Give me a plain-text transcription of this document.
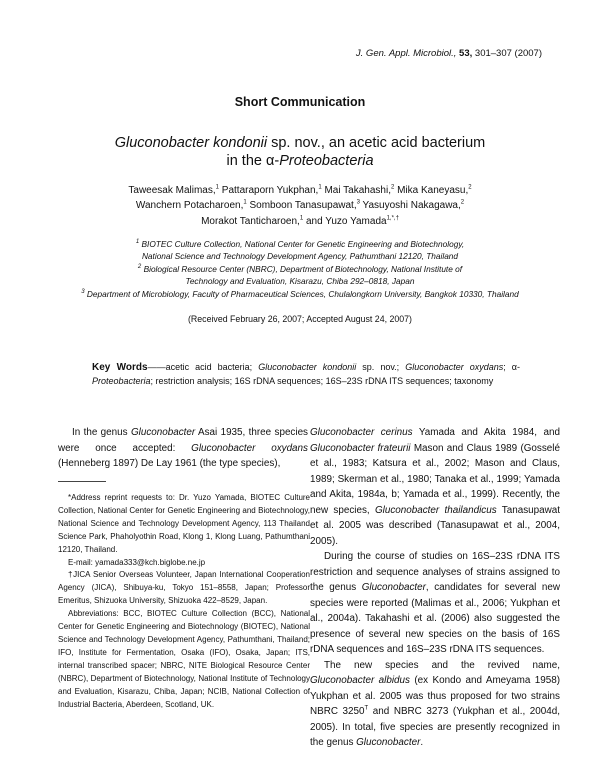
J. Gen. Appl. Microbiol., 53, 301–307 (2007)
Short Communication
Gluconobacter kondonii sp. nov., an acetic acid bacterium
in the α-Proteobacteria
Taweesak Malimas,$^1$ Pattaraporn Yukphan,$^1$ Mai Takahashi,$^2$ Mika Kaneyasu,$^2$
Wanchern Potacharoen,$^1$ Somboon Tanasupawat,$^3$ Yasuyoshi Nakagawa,$^2$
Morakot Tanticharoen,$^1$ and Yuzo Yamada$^{1,*,\dagger}$
$^1$ BIOTEC Culture Collection, National Center for Genetic Engineering and Biotechnology,
National Science and Technology Development Agency, Pathumthani 12120, Thailand
$^2$ Biological Resource Center (NBRC), Department of Biotechnology, National Institute of
Technology and Evaluation, Kisarazu, Chiba 292–0818, Japan
$^3$ Department of Microbiology, Faculty of Pharmaceutical Sciences, Chulalongkorn University, Bangkok 10330, Thailand
(Received February 26, 2007; Accepted August 24, 2007)
Key Words——acetic acid bacteria; Gluconobacter kondonii sp. nov.; Gluconobacter oxydans; α-Proteobacteria; restriction analysis; 16S rDNA sequences; 16S–23S rDNA ITS sequences; taxonomy

In the genus Gluconobacter Asai 1935, three species were once accepted: Gluconobacter oxydans (Henneberg 1897) De Lay 1961 (the type species),

*Address reprint requests to: Dr. Yuzo Yamada, BIOTEC Culture Collection, National Center for Genetic Engineering and Biotechnology, National Science and Technology Development Agency, 113 Thailand Science Park, Phaholyothin Road, Klong 1, Klong Luang, Pathumthani 12120, Thailand.

E-mail: yamada333@kch.biglobe.ne.jp

†JICA Senior Overseas Volunteer, Japan International Cooperation Agency (JICA), Shibuya-ku, Tokyo 151–8558, Japan; Professor Emeritus, Shizuoka University, Shizuoka 422–8529, Japan.

Abbreviations: BCC, BIOTEC Culture Collection (BCC), National Center for Genetic Engineering and Biotechnology (BIOTEC), National Science and Technology Development Agency, Pathumthani, Thailand; IFO, Institute for Fermentation, Osaka (IFO), Osaka, Japan; ITS, internal transcribed spacer; NBRC, NITE Biological Resource Center (NBRC), Department of Biotechnology, National Institute of Technology and Evaluation, Kisarazu, Chiba, Japan; NCIB, National Collection of Industrial Bacteria, Aberdeen, Scotland, UK.

Gluconobacter cerinus Yamada and Akita 1984, and Gluconobacter frateurii Mason and Claus 1989 (Gosselé et al., 1983; Katsura et al., 2002; Mason and Claus, 1989; Skerman et al., 1980; Tanaka et al., 1999; Yamada and Akita, 1984a, b; Yamada et al., 1999). Recently, the new species, Gluconobacter thailandicus Tanasupawat et al. 2005 was described (Tanasupawat et al., 2004, 2005).

During the course of studies on 16S–23S rDNA ITS restriction and sequence analyses of strains assigned to the genus Gluconobacter, candidates for several new species were reported (Malimas et al., 2006; Yukphan et al., 2004a). Takahashi et al. (2006) also suggested the presence of several new species on the basis of 16S rDNA sequences and 16S–23S rDNA ITS sequences.

The new species and the revived name, Gluconobacter albidus (ex Kondo and Ameyama 1958) Yukphan et al. 2005 was thus proposed for two strains NBRC $3250^T$ and NBRC 3273 (Yukphan et al., 2004d, 2005). In total, five species are presently recognized in the genus Gluconobacter.
